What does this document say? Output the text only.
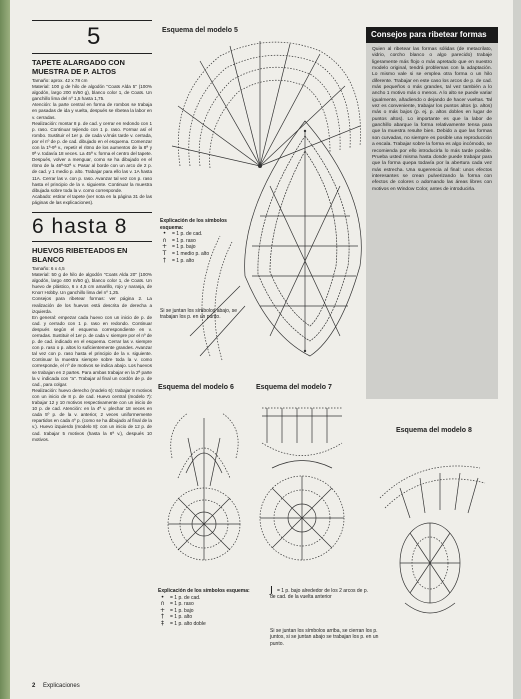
5
TAPETE ALARGADO CON MUESTRA DE P. ALTOS

Tamaño: aprox. 42 x 78 cm

Material: 100 g de hilo de algodón "Coats Alda 5" (100% algodón, largo 200 m/50 g), blanco color 1, de Coats. Un ganchillo lima del nº 1,5 hasta 1,75.

Atención: la parte central en forma de rombos se trabaja en pasadas de ida y vuelta, después se ribetea la labor en v. cerradas.

Realización: montar 8 p. de cad. y cerrar en redondo con 1 p. raso. Continuar tejiendo con 1 p. raso. Formar así el rombo. Sustituir el 1er p. de cada v./más tarde v. cerrada, por el nº de p. de cad. dibujado en el esquema. Comenzar con la 1ª-9ª v., repetir el ritmo de los aumentos de la 8ª y 9ª v. todavía 18 veces. La 45ª v. forma el centro del tapete. Después, volver a menguar, como se ha dibujado en el ritmo de la 46ª-52ª v. Pasar al borde con un arco de 2 p. de cad. y 1 medio p. alto. Trabajar para ello las v. 1A hasta 11A. Cerrar las v. con p. raso. Avanzar tal vez con p. raso hasta el principio de la v. siguiente. Continuar la muestra dibujada sobre toda la v. como corresponde.

Acabado: estirar el tapete (ver nota en la página 31 de las páginas de las explicaciones).

6 hasta 8
HUEVOS RIBETEADOS EN BLANCO

Tamaño: 6 x 4,5

Material: 50 g de hilo de algodón "Coats Alda 20" (100% algodón, largo 400 m/50 g), blanco color 1, de Coats. Un huevo de plástico, 6 x 4,5 cm amarillo, rojo y naranja, de Knorr Hobby. Un ganchillo lima del nº 1,25.

Consejos para ribetear formas: ver página 2. La realización de los huevos está descrita de derecha a izquierda.

En general: empezar cada huevo con un inicio de p. de cad. y cerrado con 1 p. raso en redondo. Continuar después según el esquema correspondiente en v. cerradas. Sustituir el 1er p. de cada v. siempre por el nº de p. de cad. indicado en el esquema. Cerrar las v. siempre con p. raso o p. altos lo suficientemente grandes. Avanzar tal vez con p. raso hasta el principio de la v. siguiente. Continuar la muestra siempre sobre toda la v. como corresponde, el nº de motivos se indica abajo. Los huevos se trabajan en 2 partes. Para ambas trabajar en la 2ª parte la v. indicada con "a". Trabajar al final un cordón de p. de cad., para colgar.

Realización: huevo derecho (modelo 6): trabajar 8 motivos con un inicio de 8 p. de cad. Huevo central (modelo 7): trabajar 12 y 10 motivos respectivamente con un inicio de 10 p. de cad. Atención: en la 4ª v. plechar 18 veces en cada 5º p. de la v. anterior, 2 veces uniformemente repartidos en cada 4º p. (como se ha dibujado al final de la v.). Huevo izquierdo (modelo 8): con un inicio de 12 p. de cad. trabajar 5 motivos (hasta la 6ª v.), después 10 motivos.

Esquema del modelo 5
Esquema del modelo 6	Esquema del modelo 7
Esquema del modelo 8
Explicación de los símbolos esquema:
•	= 1 p. de cad.
∩	= 1 p. raso
+ = 1 p. bajo
T	= 1 medio p. alto
†	= 1 p. alto
Si se juntan los símbolos abajo, se trabajan los p. en un punto.
Consejos para ribetear formas
Quien al ribetear las formas sólidas (de metacrilato, vidrio, corcho blanco o algo parecido) trabaje ligeramente más flojo o más apretado que en nuestro modelo original, tendrá problemas con la adaptación. Lo mismo vale si se emplea otra forma o un hilo diferente. Trabajar en este caso los arcos de p. de cad. más pequeños o más grandes, tal vez también a lo ancho 1 motivo más o menos. A lo alto se puede variar igualmente, añadiendo o dejando de hacer vueltas. Tal vez es conveniente, trabajar los puntos altos (p. altos) más o más bajos (p. ej. p. altos dobles en lugar de puntos altos). Lo importante es que la labor de ganchillo abarque la forma relativamente tensa para que la muestra resulte bien. Debido a que las formas son curvadas, no siempre es posible una reproducción a escala. Trabajar sobre la forma es algo incómodo, se recomienda por ello introducirla lo más tarde posible. Prueba usted misma hasta donde puede trabajar para que la forma quepa todavía por la abertura cada vez más estrecha. Una sugerencia al final: unos efectos interesantes se crean pulverizando la forma con efectos de colores o adornando las áreas libres con motivos en Window Color, antes de introducirla.
Explicación de los símbolos esquema:
•	= 1 p. de cad.
∩	= 1 p. raso
+ = 1 p. bajo
†	= 1 p. alto
‡	= 1 p. alto doble
J = 1 p. bajo alrededor de los 2 arcos de p. de cad. de la vuelta anterior
Si se juntan los símbolos arriba, se cierran los p. juntos, si se juntan abajo se trabajan los p. en un punto.
2 Explicaciones
